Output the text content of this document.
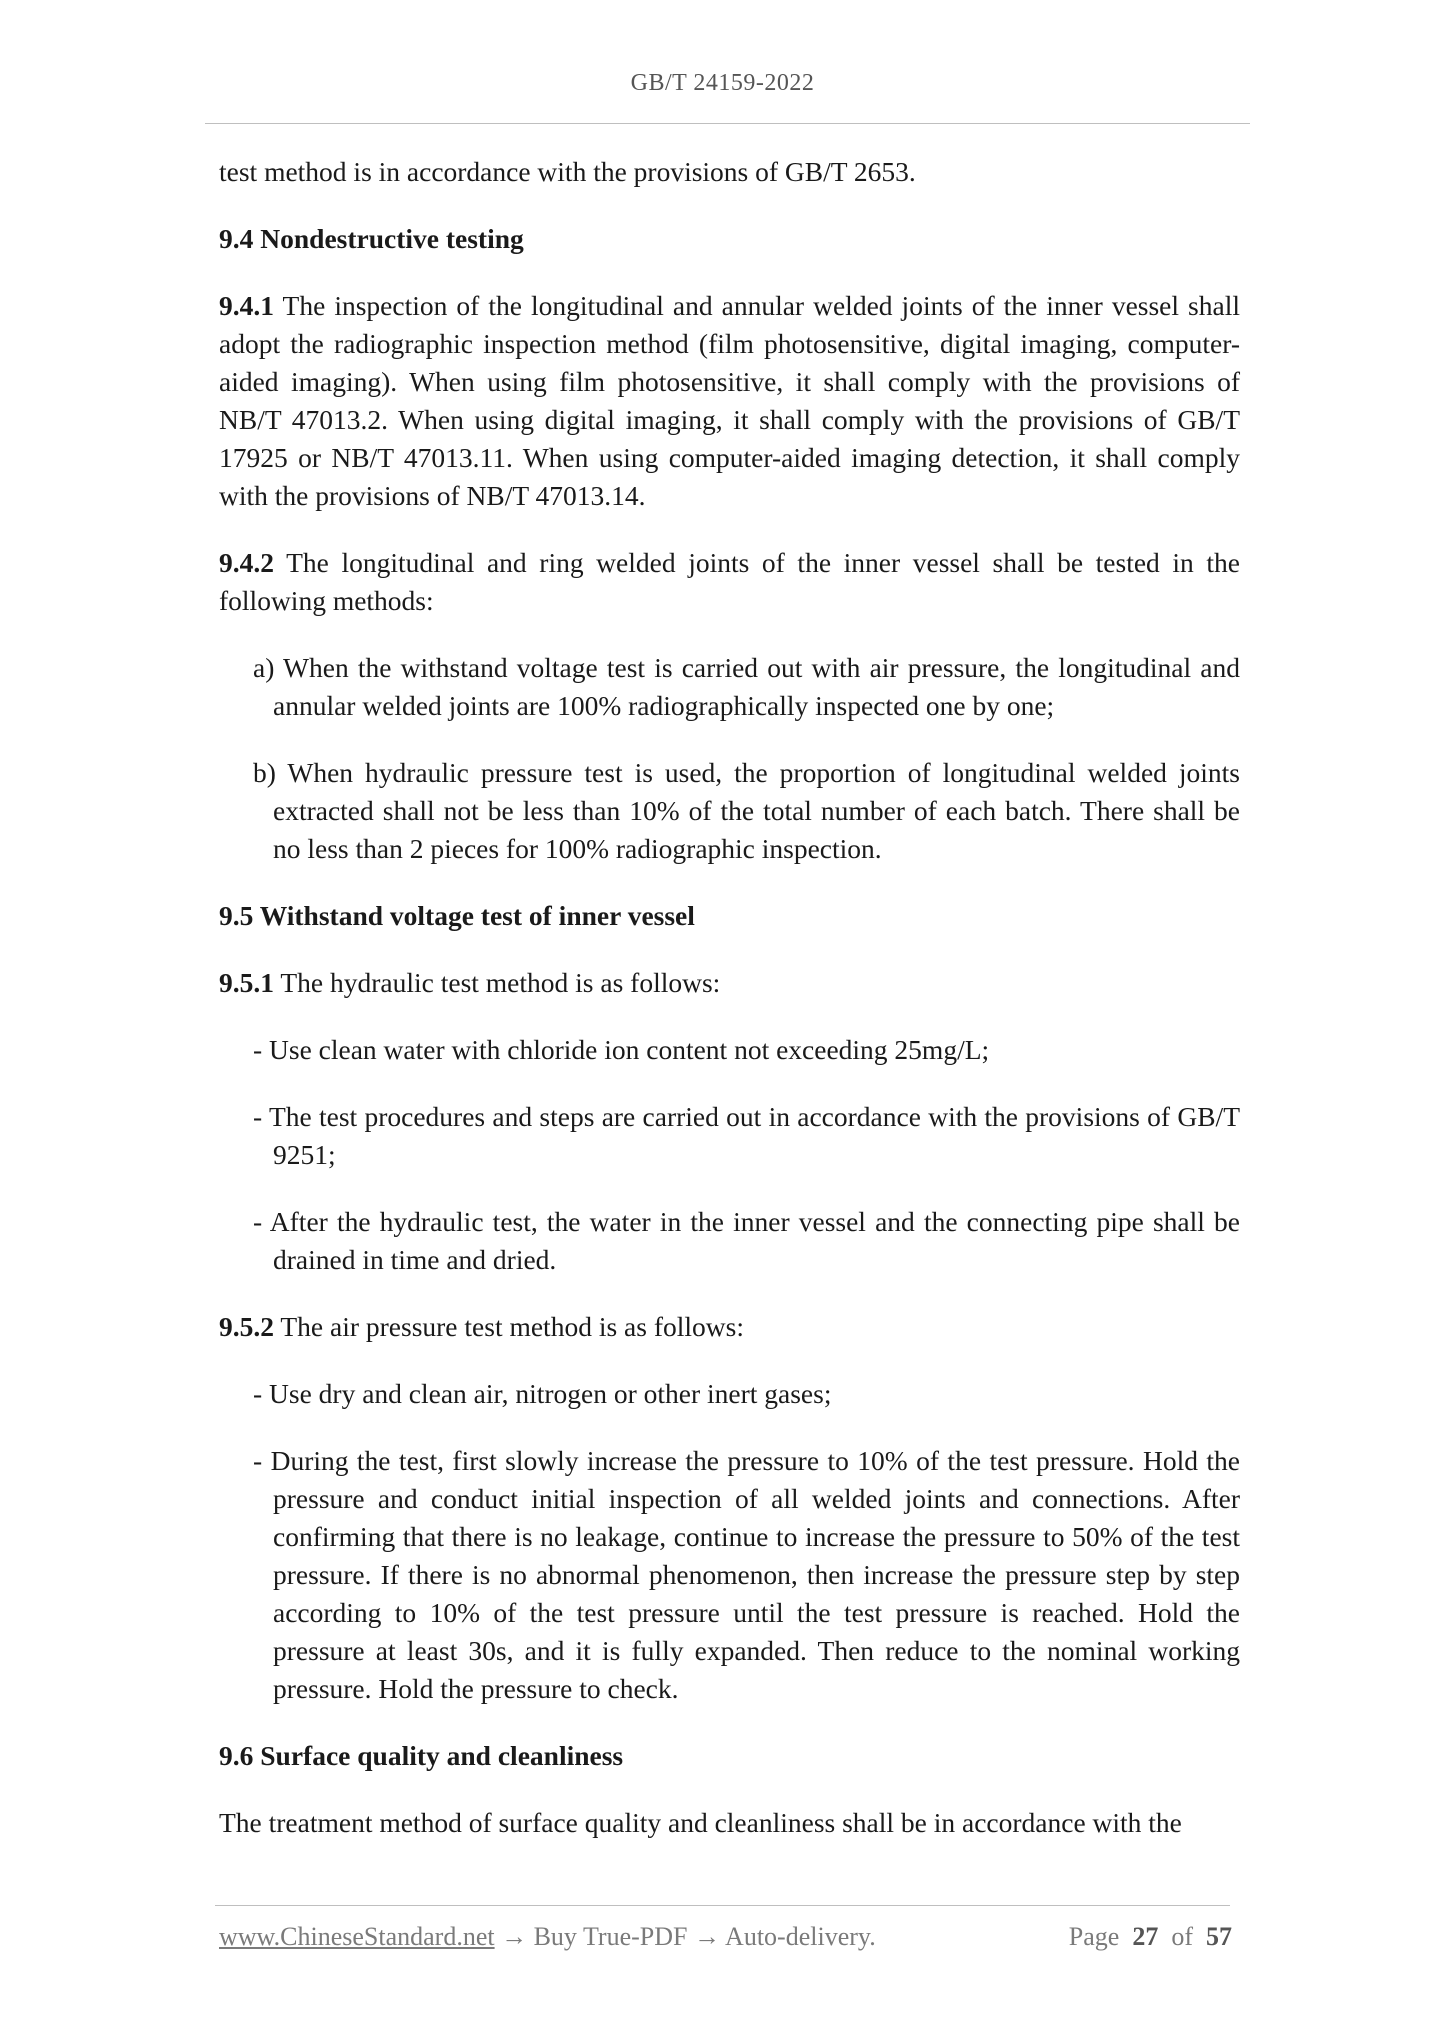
GB/T 24159-2022

test method is in accordance with the provisions of GB/T 2653.

9.4 Nondestructive testing

9.4.1 The inspection of the longitudinal and annular welded joints of the inner vessel shall adopt the radiographic inspection method (film photosensitive, digital imaging, computer-aided imaging). When using film photosensitive, it shall comply with the provisions of NB/T 47013.2. When using digital imaging, it shall comply with the provisions of GB/T 17925 or NB/T 47013.11. When using computer-aided imaging detection, it shall comply with the provisions of NB/T 47013.14.

9.4.2 The longitudinal and ring welded joints of the inner vessel shall be tested in the following methods:

a) When the withstand voltage test is carried out with air pressure, the longitudinal and annular welded joints are 100% radiographically inspected one by one;

b) When hydraulic pressure test is used, the proportion of longitudinal welded joints extracted shall not be less than 10% of the total number of each batch. There shall be no less than 2 pieces for 100% radiographic inspection.

9.5 Withstand voltage test of inner vessel

9.5.1 The hydraulic test method is as follows:

- Use clean water with chloride ion content not exceeding 25mg/L;

- The test procedures and steps are carried out in accordance with the provisions of GB/T 9251;

- After the hydraulic test, the water in the inner vessel and the connecting pipe shall be drained in time and dried.

9.5.2 The air pressure test method is as follows:

- Use dry and clean air, nitrogen or other inert gases;

- During the test, first slowly increase the pressure to 10% of the test pressure. Hold the pressure and conduct initial inspection of all welded joints and connections. After confirming that there is no leakage, continue to increase the pressure to 50% of the test pressure. If there is no abnormal phenomenon, then increase the pressure step by step according to 10% of the test pressure until the test pressure is reached. Hold the pressure at least 30s, and it is fully expanded. Then reduce to the nominal working pressure. Hold the pressure to check.

9.6 Surface quality and cleanliness

The treatment method of surface quality and cleanliness shall be in accordance with the

www.ChineseStandard.net → Buy True-PDF → Auto-delivery.	Page 27 of 57
